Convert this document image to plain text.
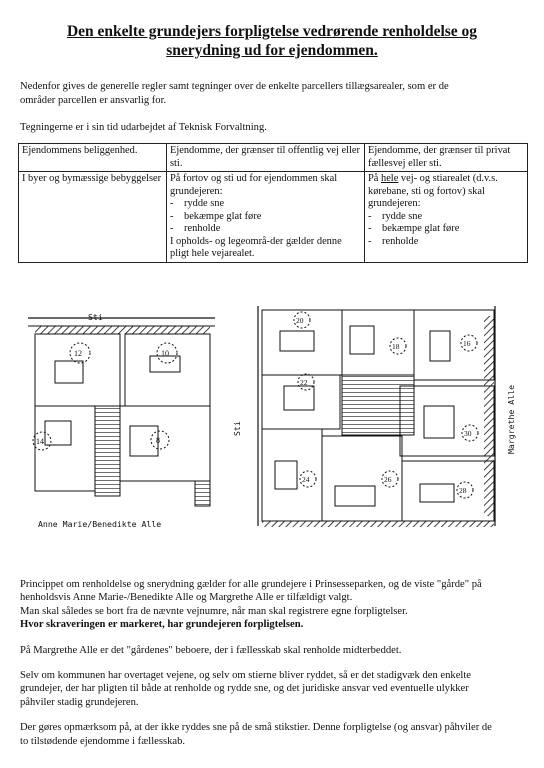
Den enkelte grundejers forpligtelse vedrørende renholdelse og
snerydning ud for ejendommen.
Nedenfor gives de generelle regler samt tegninger over de enkelte parcellers tillægsarealer, som er de
områder parcellen er ansvarlig for.
Tegningerne er i sin tid udarbejdet af Teknisk Forvaltning.
Ejendommens beliggenhed.	Ejendomme, der grænser til offentlig vej eller sti.	Ejendomme, der grænser til privat fællesvej eller sti.
I byer og bymæssige bebyggelser	På fortov og sti ud for ejendommen skal grundejeren:
- rydde sne
- bekæmpe glat føre
- renholde
I opholds- og legeområ-der gælder denne pligt hele vejarealet.	På hele vej- og stiarealet (d.v.s. kørebane, sti og fortov) skal grundejeren:
- rydde sne
- bekæmpe glat føre
- renholde
Sti
12	10
14	8
Anne Marie/Benedikte Alle
Sti
20
18	16
22
24
30
26
28
Margrethe Alle

Princippet om renholdelse og snerydning gælder for alle grundejere i Prinsesseparken, og de viste "gårde" på
henholdsvis Anne Marie-/Benedikte Alle og Margrethe Alle er tilfældigt valgt.
Man skal således se bort fra de nævnte vejnumre, når man skal registrere egne forpligtelser.
Hvor skraveringen er markeret, har grundejeren forpligtelsen.

På Margrethe Alle er det "gårdenes" beboere, der i fællesskab skal renholde midterbeddet.

Selv om kommunen har overtaget vejene, og selv om stierne bliver ryddet, så er det stadigvæk den enkelte
grundejer, der har pligten til både at renholde og rydde sne, og det juridiske ansvar ved eventuelle ulykker
påhviler stadig grundejeren.

Der gøres opmærksom på, at der ikke ryddes sne på de små stikstier. Denne forpligtelse (og ansvar) påhviler de
to tilstødende ejendomme i fællesskab.
